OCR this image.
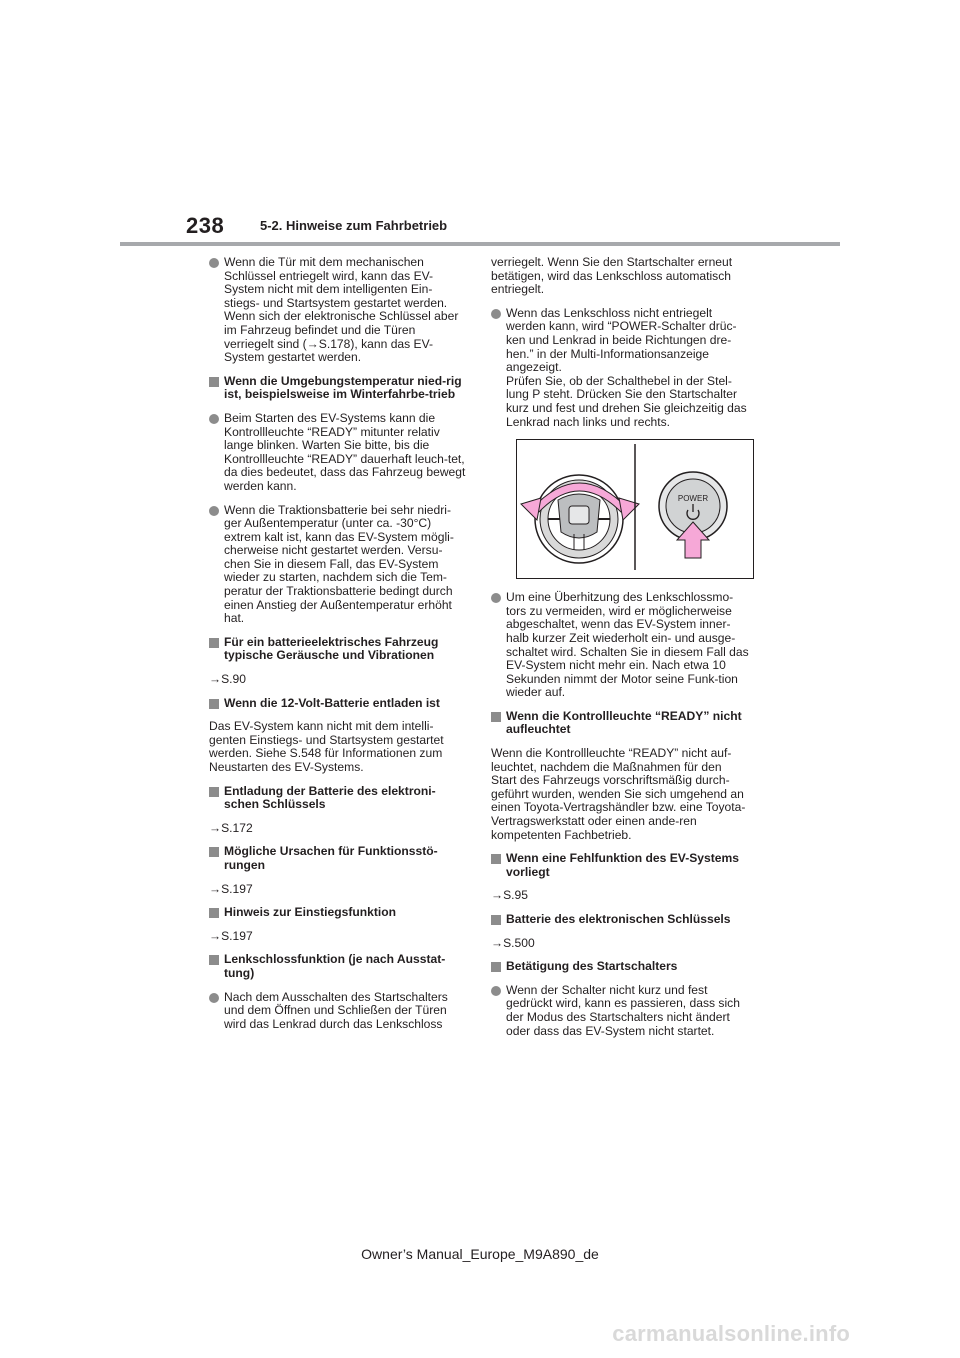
238	5-2. Hinweise zum Fahrbetrieb
Wenn die Tür mit dem mechanischen Schlüssel entriegelt wird, kann das EV-System nicht mit dem intelligenten Ein-stiegs- und Startsystem gestartet werden. Wenn sich der elektronische Schlüssel aber im Fahrzeug befindet und die Türen verriegelt sind (→S.178), kann das EV-System gestartet werden.
Wenn die Umgebungstemperatur nied-rig ist, beispielsweise im Winterfahrbe-trieb
Beim Starten des EV-Systems kann die Kontrollleuchte “READY” mitunter relativ lange blinken. Warten Sie bitte, bis die Kontrollleuchte “READY” dauerhaft leuch-tet, da dies bedeutet, dass das Fahrzeug bewegt werden kann.
Wenn die Traktionsbatterie bei sehr niedri-ger Außentemperatur (unter ca. -30°C) extrem kalt ist, kann das EV-System mögli-cherweise nicht gestartet werden. Versu-chen Sie in diesem Fall, das EV-System wieder zu starten, nachdem sich die Tem-peratur der Traktionsbatterie bedingt durch einen Anstieg der Außentemperatur erhöht hat.
Für ein batterieelektrisches Fahrzeug typische Geräusche und Vibrationen
→S.90
Wenn die 12-Volt-Batterie entladen ist
Das EV-System kann nicht mit dem intelli-genten Einstiegs- und Startsystem gestartet werden. Siehe S.548 für Informationen zum Neustarten des EV-Systems.
Entladung der Batterie des elektroni-schen Schlüssels
→S.172
Mögliche Ursachen für Funktionsstö-rungen
→S.197
Hinweis zur Einstiegsfunktion
→S.197
Lenkschlossfunktion (je nach Ausstat-tung)
Nach dem Ausschalten des Startschalters und dem Öffnen und Schließen der Türen wird das Lenkrad durch das Lenkschloss
verriegelt. Wenn Sie den Startschalter erneut betätigen, wird das Lenkschloss automatisch entriegelt.
Wenn das Lenkschloss nicht entriegelt werden kann, wird “POWER-Schalter drüc-ken und Lenkrad in beide Richtungen dre-hen.” in der Multi-Informationsanzeige angezeigt.
Prüfen Sie, ob der Schalthebel in der Stel-lung P steht. Drücken Sie den Startschalter kurz und fest und drehen Sie gleichzeitig das Lenkrad nach links und rechts.
POWER
Um eine Überhitzung des Lenkschlossmo-tors zu vermeiden, wird er möglicherweise abgeschaltet, wenn das EV-System inner-halb kurzer Zeit wiederholt ein- und ausge-schaltet wird. Schalten Sie in diesem Fall das EV-System nicht mehr ein. Nach etwa 10 Sekunden nimmt der Motor seine Funk-tion wieder auf.
Wenn die Kontrollleuchte “READY” nicht aufleuchtet
Wenn die Kontrollleuchte “READY” nicht auf-leuchtet, nachdem die Maßnahmen für den Start des Fahrzeugs vorschriftsmäßig durch-geführt wurden, wenden Sie sich umgehend an einen Toyota-Vertragshändler bzw. eine Toyota-Vertragswerkstatt oder einen ande-ren kompetenten Fachbetrieb.
Wenn eine Fehlfunktion des EV-Systems vorliegt
→S.95
Batterie des elektronischen Schlüssels
→S.500
Betätigung des Startschalters
Wenn der Schalter nicht kurz und fest gedrückt wird, kann es passieren, dass sich der Modus des Startschalters nicht ändert oder dass das EV-System nicht startet.
Owner’s Manual_Europe_M9A890_de
carmanualsonline.info
